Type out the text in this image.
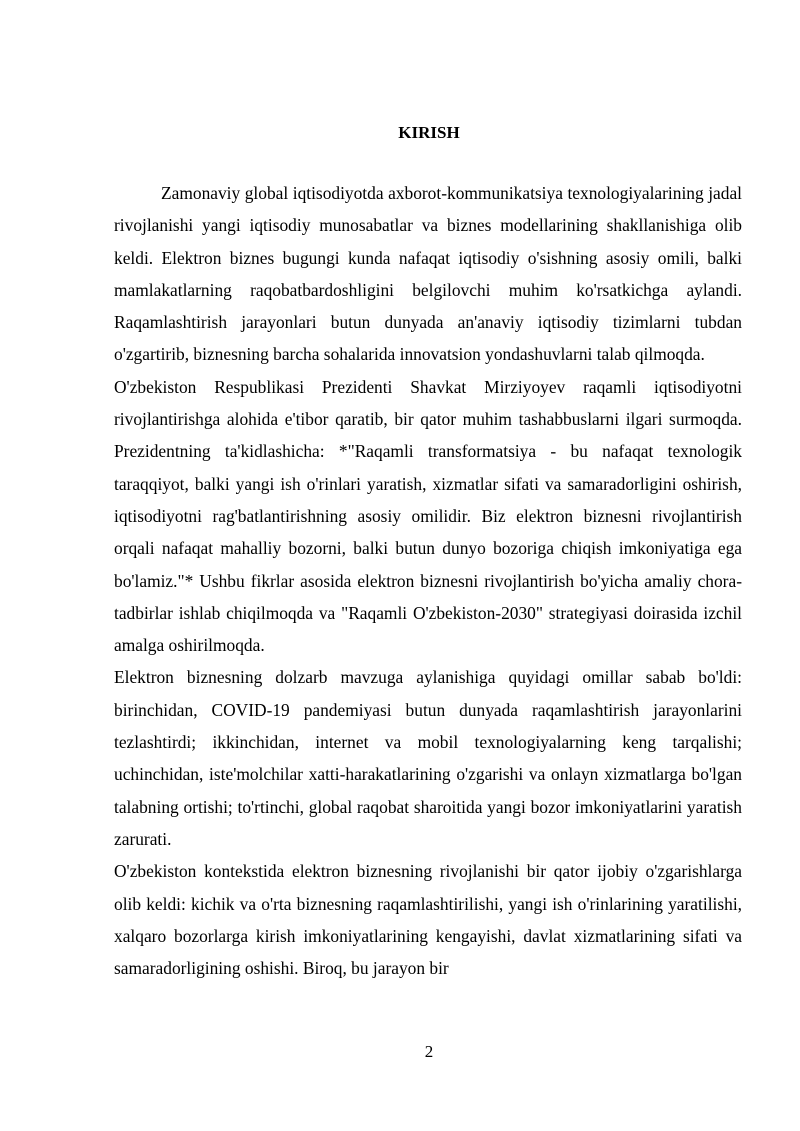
KIRISH

Zamonaviy global iqtisodiyotda axborot-kommunikatsiya texnologiyalarining jadal rivojlanishi yangi iqtisodiy munosabatlar va biznes modellarining shakllanishiga olib keldi. Elektron biznes bugungi kunda nafaqat iqtisodiy o'sishning asosiy omili, balki mamlakatlarning raqobatbardoshligini belgilovchi muhim ko'rsatkichga aylandi. Raqamlashtirish jarayonlari butun dunyada an'anaviy iqtisodiy tizimlarni tubdan o'zgartirib, biznesning barcha sohalarida innovatsion yondashuvlarni talab qilmoqda.

O'zbekiston Respublikasi Prezidenti Shavkat Mirziyoyev raqamli iqtisodiyotni rivojlantirishga alohida e'tibor qaratib, bir qator muhim tashabbuslarni ilgari surmoqda. Prezidentning ta'kidlashicha: *"Raqamli transformatsiya - bu nafaqat texnologik taraqqiyot, balki yangi ish o'rinlari yaratish, xizmatlar sifati va samaradorligini oshirish, iqtisodiyotni rag'batlantirishning asosiy omilidir. Biz elektron biznesni rivojlantirish orqali nafaqat mahalliy bozorni, balki butun dunyo bozoriga chiqish imkoniyatiga ega bo'lamiz."* Ushbu fikrlar asosida elektron biznesni rivojlantirish bo'yicha amaliy chora-tadbirlar ishlab chiqilmoqda va "Raqamli O'zbekiston-2030" strategiyasi doirasida izchil amalga oshirilmoqda.

Elektron biznesning dolzarb mavzuga aylanishiga quyidagi omillar sabab bo'ldi: birinchidan, COVID-19 pandemiyasi butun dunyada raqamlashtirish jarayonlarini tezlashtirdi; ikkinchidan, internet va mobil texnologiyalarning keng tarqalishi; uchinchidan, iste'molchilar xatti-harakatlarining o'zgarishi va onlayn xizmatlarga bo'lgan talabning ortishi; to'rtinchi, global raqobat sharoitida yangi bozor imkoniyatlarini yaratish zarurati.

O'zbekiston kontekstida elektron biznesning rivojlanishi bir qator ijobiy o'zgarishlarga olib keldi: kichik va o'rta biznesning raqamlashtirilishi, yangi ish o'rinlarining yaratilishi, xalqaro bozorlarga kirish imkoniyatlarining kengayishi, davlat xizmatlarining sifati va samaradorligining oshishi. Biroq, bu jarayon bir

2
